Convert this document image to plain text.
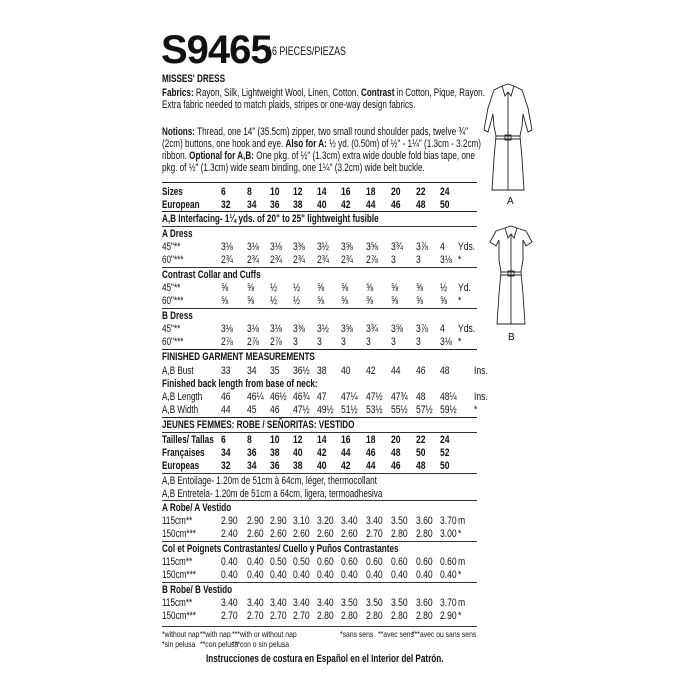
S9465
16 PIECES/PIEZAS
MISSES' DRESS
Fabrics: Rayon, Silk, Lightweight Wool, Linen, Cotton. Contrast in Cotton, Pique, Rayon.
Extra fabric needed to match plaids, stripes or one-way design fabrics.
Notions: Thread, one 14" (35.5cm) zipper, two small round shoulder pads, twelve ¾"
(2cm) buttons, one hook and eye. Also for A: ½ yd. (0.50m) of ½" - 1¼" (1.3cm - 3.2cm)
ribbon. Optional for A,B: One pkg. of ½" (1.3cm) extra wide double fold bias tape, one
pkg. of ½" (1.3cm) wide seam binding, one 1¼" (3.2cm) wide belt buckle.
Sizes	6 8 10 12 14 16 18 20 22 24
European 32 34 36 38 40 42 44 46 48 50
A,B Interfacing- 1¼ yds. of 20" to 25" lightweight fusible
A Dress
45"**	3⅛ 3⅛ 3⅛ 3⅜ 3½ 3⅝ 3⅝ 3¾ 3⅞ 4 Yds.
60"***	2¾ 2¾ 2¾ 2¾ 2¾ 2¾ 2⅞ 3 3 3⅛ *
Contrast Collar and Cuffs
45"**	⅝ ⅝ ½ ½ ⅝ ⅝ ⅝ ⅝ ⅝ ½ Yd.
60"***	⅝ ⅝ ½ ½ ⅝ ⅝ ⅝ ⅝ ⅝ ⅝ *
B Dress
45"**	3⅛ 3⅛ 3⅛ 3⅜ 3½ 3⅝ 3¾ 3⅝ 3⅞ 4 Yds.
60"***	2⅞ 2⅞ 2⅞ 3 3 3 3 3 3 3⅛ *
FINISHED GARMENT MEASUREMENTS
A,B Bust 33 34 35 36½ 38 40 42 44 46 48 Ins.
Finished back length from base of neck:
A,B Length 46 46¼ 46½ 46¾ 47 47¼ 47½ 47¾ 48 48¼ Ins.
A,B Width 44 45 46 47½ 49½ 51½ 53½ 55½ 57½ 59½ *
JEUNES FEMMES: ROBE / SEÑORITAS: VESTIDO
Tailles/ Tallas 6 8 10 12 14 16 18 20 22 24
Françaises 34 36 38 40 42 44 46 48 50 52
Europeas 32 34 36 38 40 42 44 46 48 50
A,B Entoilage- 1.20m de 51cm à 64cm, léger, thermocollant
A,B Entretela- 1.20m de 51cm a 64cm, ligera, termoadhesiva
A Robe/ A Vestido
115cm**	2.90 2.90 2.90 3.10 3.20 3.40 3.40 3.50 3.60 3.70 m
150cm*** 2.40 2.60 2.60 2.60 2.60 2.60 2.70 2.80 2.80 3.00 *
Col et Poignets Contrastantes/ Cuello y Puños Contrastantes
115cm**	0.40 0.40 0.50 0.50 0.60 0.60 0.60 0.60 0.60 0.60 m
150cm*** 0.40 0.40 0.40 0.40 0.40 0.40 0.40 0.40 0.40 0.40 *
B Robe/ B Vestido
115cm**	3.40 3.40 3.40 3.40 3.40 3.50 3.50 3.50 3.60 3.70 m
150cm*** 2.70 2.70 2.70 2.70 2.80 2.80 2.80 2.80 2.80 2.90 *
*without nap **with nap ***with or without nap
*sin pelusa **con pelusa
***con o sin pelusa
*sans sens **avec sens
***avec ou sans sens
Instrucciones de costura en Español en el Interior del Patrón.
A
B
